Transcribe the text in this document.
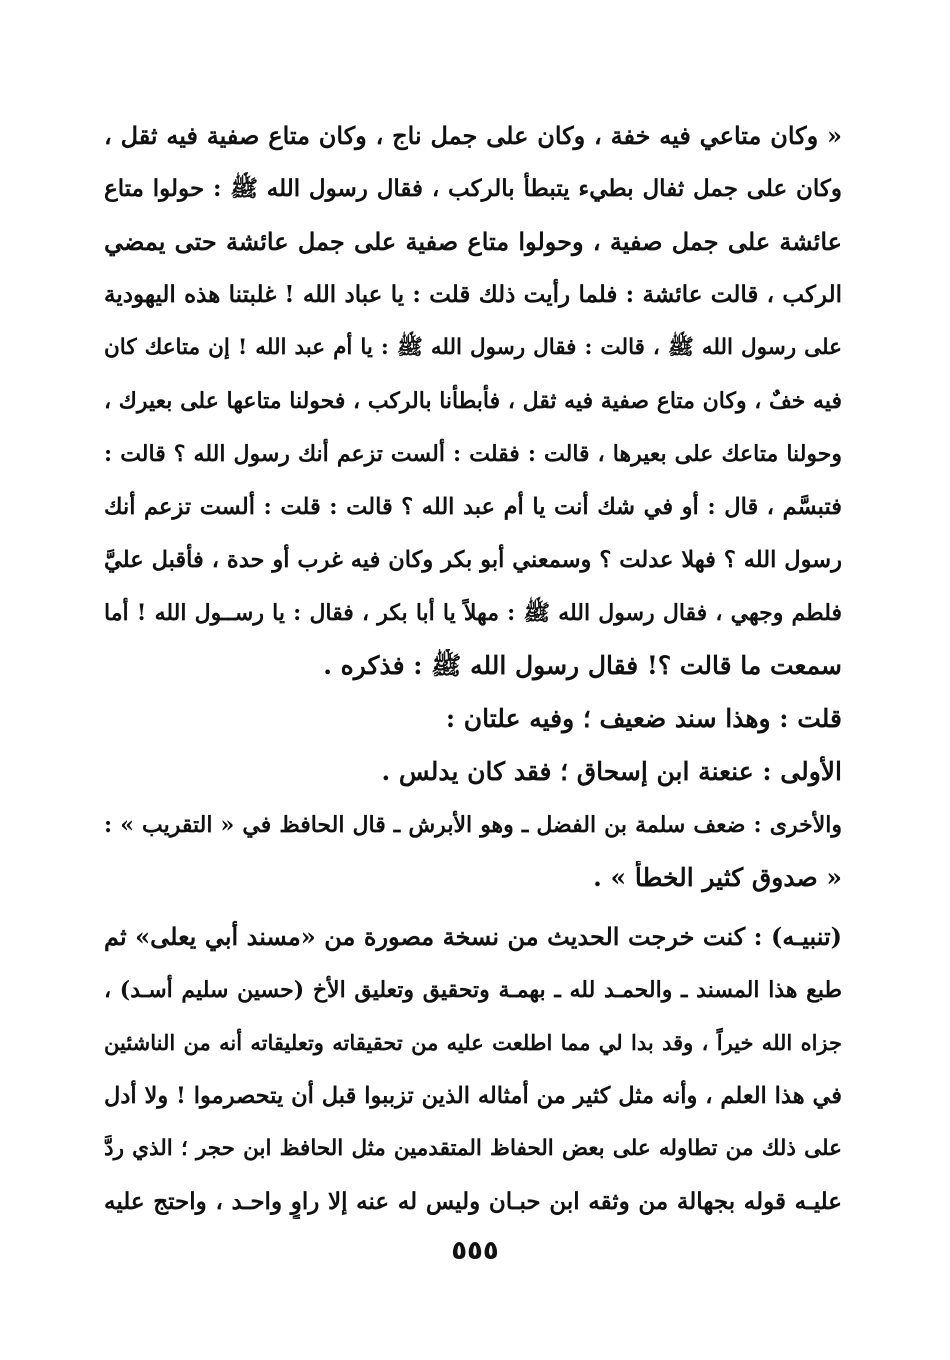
« وكان متاعي فيه خفة ، وكان على جمل ناج ، وكان متاع صفية فيه ثقل ،
وكان على جمل ثفال بطيء يتبطأ بالركب ، فقال رسول الله ﷺ : حولوا متاع
عائشة على جمل صفية ، وحولوا متاع صفية على جمل عائشة حتى يمضي
الركب ، قالت عائشة : فلما رأيت ذلك قلت : يا عباد الله ! غلبتنا هذه اليهودية
على رسول الله ﷺ ، قالت : فقال رسول الله ﷺ : يا أم عبد الله ! إن متاعك كان
فيه خفٌ ، وكان متاع صفية فيه ثقل ، فأبطأنا بالركب ، فحولنا متاعها على بعيرك ،
وحولنا متاعك على بعيرها ، قالت : فقلت : ألست تزعم أنك رسول الله ؟ قالت :
فتبسَّم ، قال : أو في شك أنت يا أم عبد الله ؟ قالت : قلت : ألست تزعم أنك
رسول الله ؟ فهلا عدلت ؟ وسمعني أبو بكر وكان فيه غرب أو حدة ، فأقبل عليَّ
فلطم وجهي ، فقال رسول الله ﷺ : مهلاً يا أبا بكر ، فقال : يا رســول الله ! أما
سمعت ما قالت ؟! فقال رسول الله ﷺ : فذكره .
قلت : وهذا سند ضعيف ؛ وفيه علتان :
الأولى : عنعنة ابن إسحاق ؛ فقد كان يدلس .
والأخرى : ضعف سلمة بن الفضل ـ وهو الأبرش ـ قال الحافظ في « التقريب » :
« صدوق كثير الخطأ » .
(تنبيـه) : كنت خرجت الحديث من نسخة مصورة من «مسند أبي يعلى» ثم
طبع هذا المسند ـ والحمـد لله ـ بهمـة وتحقيق وتعليق الأخ (حسين سليم أسـد) ،
جزاه الله خيراً ، وقد بدا لي مما اطلعت عليه من تحقيقاته وتعليقاته أنه من الناشئين
في هذا العلم ، وأنه مثل كثير من أمثاله الذين تزببوا قبل أن يتحصرموا ! ولا أدل
على ذلك من تطاوله على بعض الحفاظ المتقدمين مثل الحافظ ابن حجر ؛ الذي ردَّ
عليـه قوله بجهالة من وثقه ابن حبـان وليس له عنه إلا راوٍ واحـد ، واحتج عليه
٥٥٥
